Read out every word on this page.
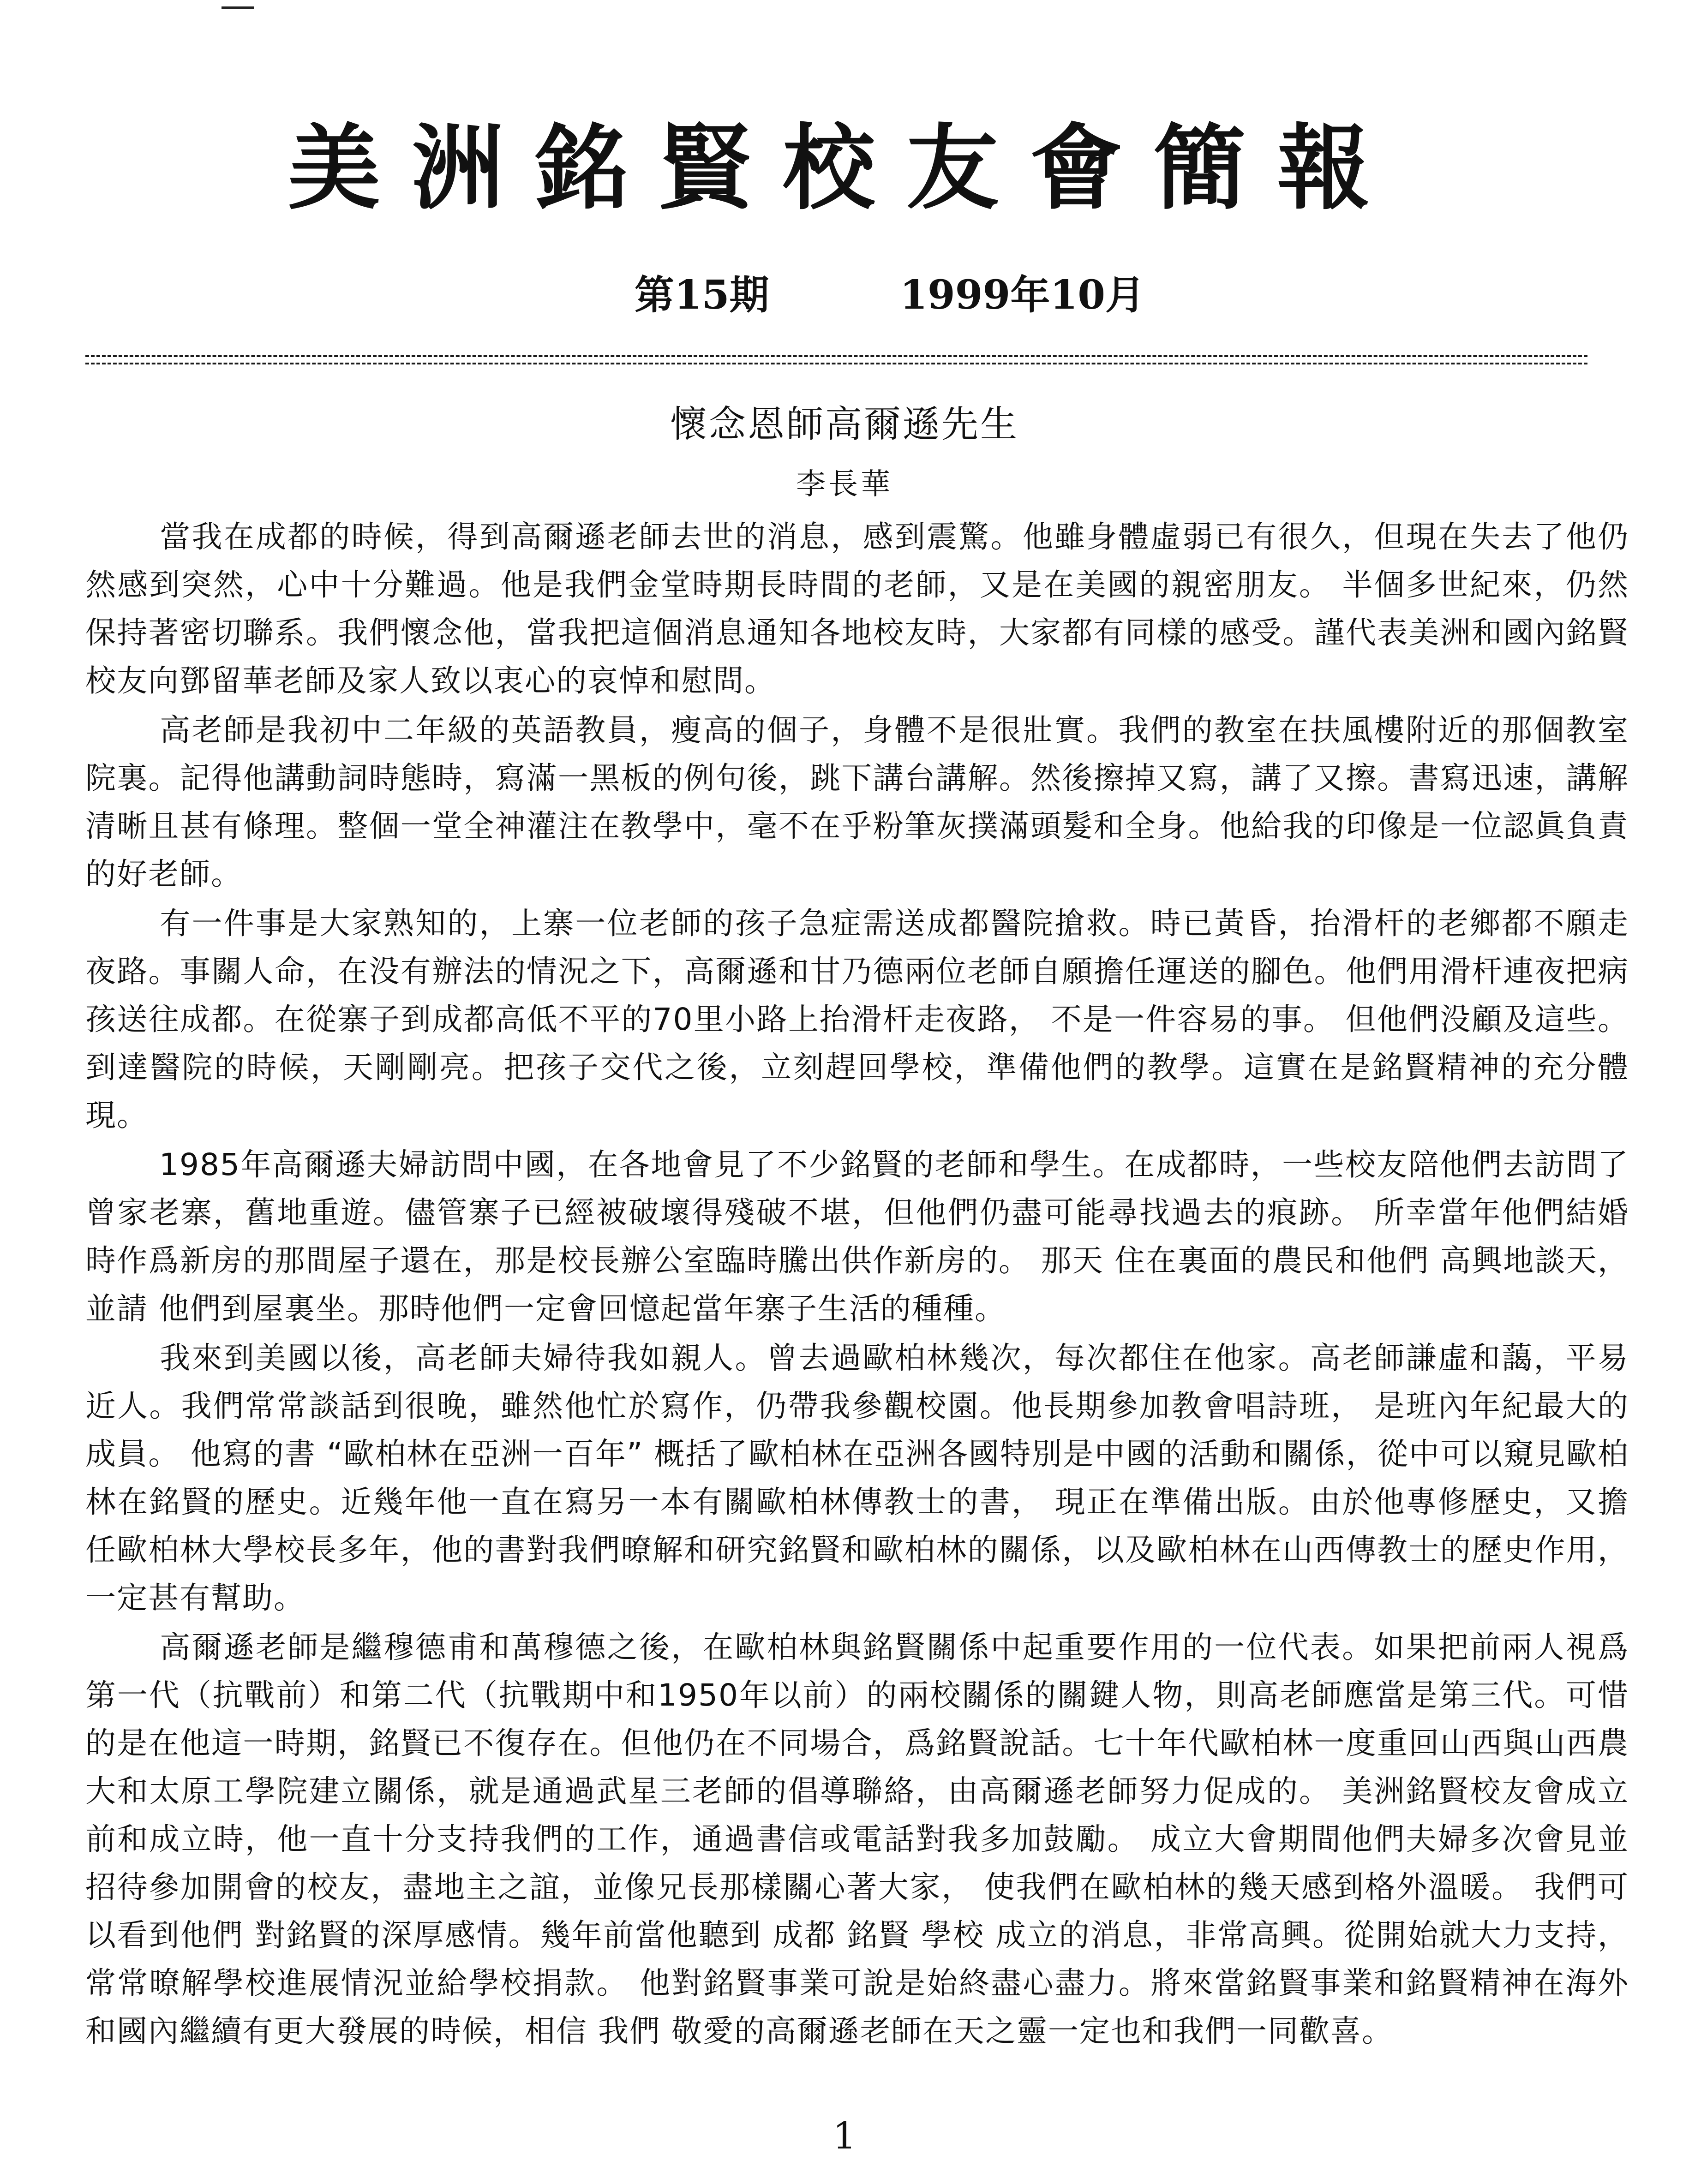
美洲銘賢校友會簡報
第15期	1999年10月
懷念恩師高爾遜先生
李長華

當我在成都的時候，得到高爾遜老師去世的消息，感到震驚。他雖身體虛弱已有很久，但現在失去了他仍然感到突然，心中十分難過。他是我們金堂時期長時間的老師，又是在美國的親密朋友。 半個多世紀來，仍然保持著密切聯系。我們懷念他，當我把這個消息通知各地校友時，大家都有同樣的感受。謹代表美洲和國內銘賢校友向鄧留華老師及家人致以衷心的哀悼和慰問。

高老師是我初中二年級的英語教員，瘦高的個子，身體不是很壯實。我們的教室在扶風樓附近的那個教室院裏。記得他講動詞時態時，寫滿一黑板的例句後，跳下講台講解。然後擦掉又寫，講了又擦。書寫迅速，講解清晰且甚有條理。整個一堂全神灌注在教學中，毫不在乎粉筆灰撲滿頭髮和全身。他給我的印像是一位認眞負責的好老師。

有一件事是大家熟知的，上寨一位老師的孩子急症需送成都醫院搶救。時已黃昏，抬滑杆的老鄉都不願走夜路。事關人命，在没有辦法的情況之下，高爾遜和甘乃德兩位老師自願擔任運送的腳色。他們用滑杆連夜把病孩送往成都。在從寨子到成都高低不平的70里小路上抬滑杆走夜路， 不是一件容易的事。 但他們没顧及這些。到達醫院的時候，天剛剛亮。把孩子交代之後，立刻趕回學校，準備他們的教學。這實在是銘賢精神的充分體現。

1985年高爾遜夫婦訪問中國，在各地會見了不少銘賢的老師和學生。在成都時，一些校友陪他們去訪問了曾家老寨，舊地重遊。儘管寨子已經被破壞得殘破不堪，但他們仍盡可能尋找過去的痕跡。 所幸當年他們結婚時作爲新房的那間屋子還在，那是校長辦公室臨時騰出供作新房的。 那天 住在裏面的農民和他們 高興地談天，並請 他們到屋裏坐。那時他們一定會回憶起當年寨子生活的種種。

我來到美國以後，高老師夫婦待我如親人。曾去過歐柏林幾次，每次都住在他家。高老師謙虛和藹，平易近人。我們常常談話到很晚，雖然他忙於寫作，仍帶我參觀校園。他長期參加教會唱詩班， 是班內年紀最大的成員。 他寫的書 “歐柏林在亞洲一百年” 概括了歐柏林在亞洲各國特別是中國的活動和關係，從中可以窺見歐柏林在銘賢的歷史。近幾年他一直在寫另一本有關歐柏林傳教士的書， 現正在準備出版。由於他專修歷史，又擔任歐柏林大學校長多年，他的書對我們暸解和研究銘賢和歐柏林的關係，以及歐柏林在山西傳教士的歷史作用，一定甚有幫助。

高爾遜老師是繼穆德甫和萬穆德之後，在歐柏林與銘賢關係中起重要作用的一位代表。如果把前兩人視爲 第一代（抗戰前）和第二代（抗戰期中和1950年以前）的兩校關係的關鍵人物，則高老師應當是第三代。可惜的是在他這一時期，銘賢已不復存在。但他仍在不同場合，爲銘賢說話。七十年代歐柏林一度重回山西與山西農大和太原工學院建立關係，就是通過武星三老師的倡導聯絡，由高爾遜老師努力促成的。 美洲銘賢校友會成立前和成立時，他一直十分支持我們的工作，通過書信或電話對我多加鼓勵。 成立大會期間他們夫婦多次會見並招待參加開會的校友，盡地主之誼，並像兄長那樣關心著大家， 使我們在歐柏林的幾天感到格外溫暖。 我們可以看到他們 對銘賢的深厚感情。幾年前當他聽到 成都 銘賢 學校 成立的消息，非常高興。從開始就大力支持，常常暸解學校進展情況並給學校捐款。 他對銘賢事業可說是始終盡心盡力。將來當銘賢事業和銘賢精神在海外和國內繼續有更大發展的時候，相信 我們 敬愛的高爾遜老師在天之靈一定也和我們一同歡喜。

1
